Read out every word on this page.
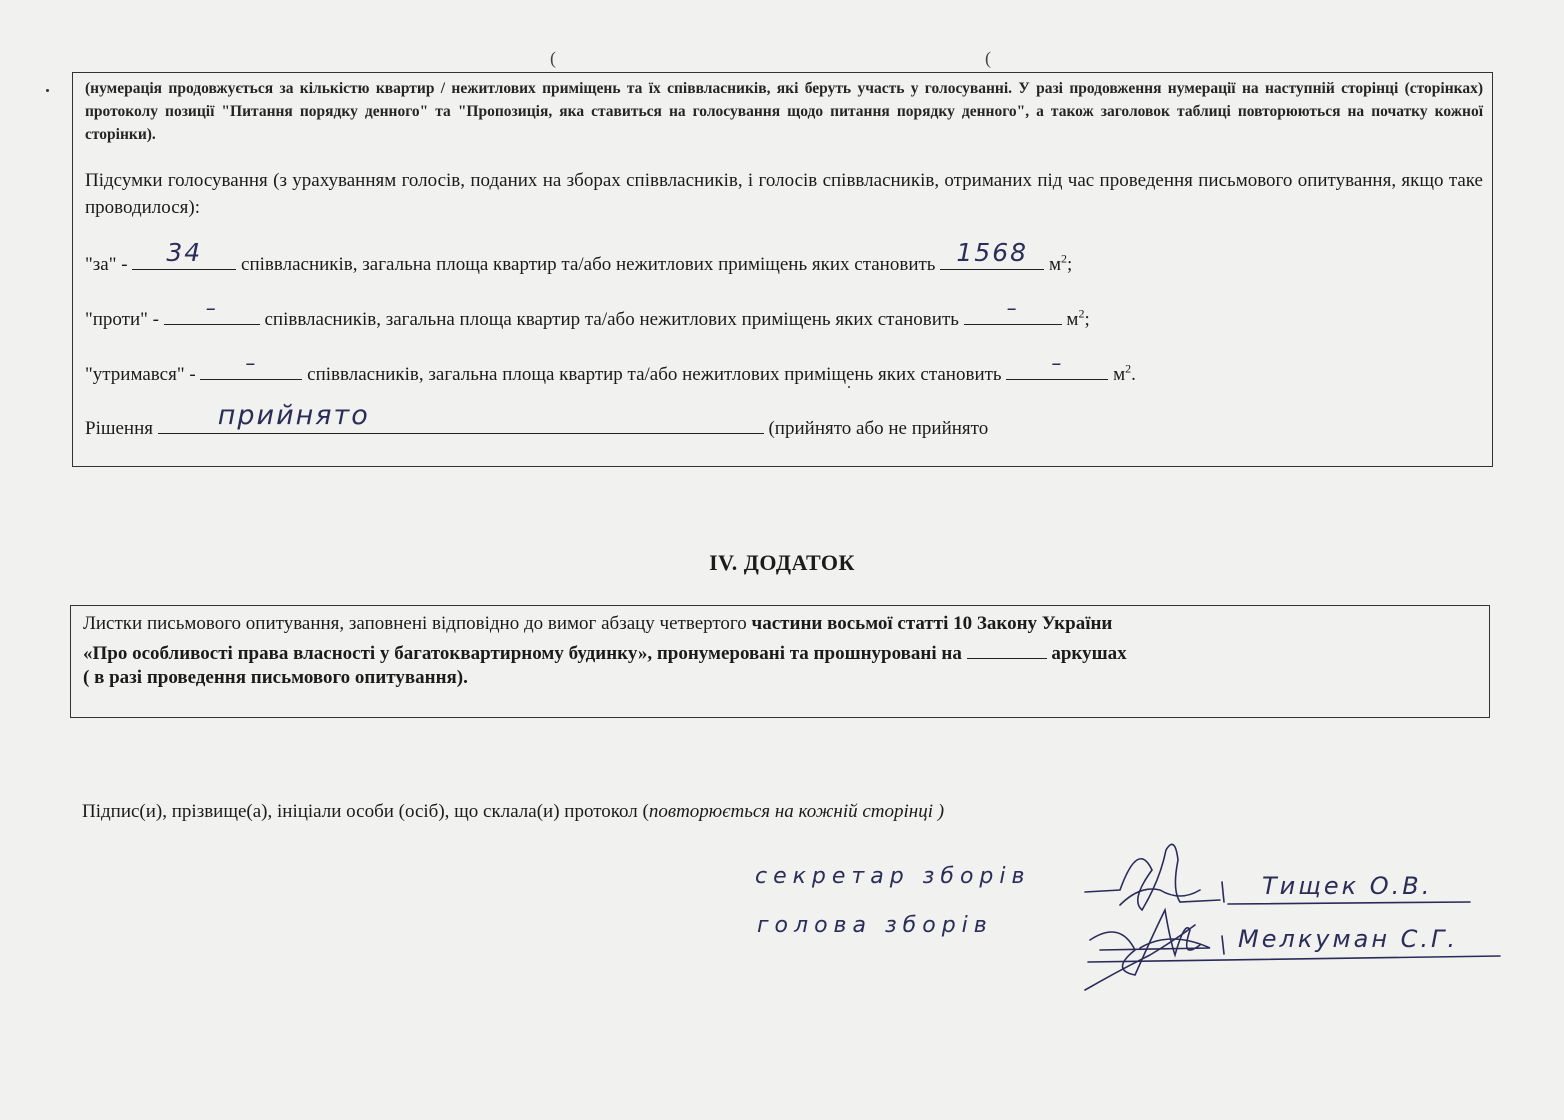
(	(
(нумерація продовжується за кількістю квартир / нежитлових приміщень та їх співвласників, які беруть участь у голосуванні. У разі продовження нумерації на наступній сторінці (сторінках) протоколу позиції "Питання порядку денного" та "Пропозиція, яка ставиться на голосування щодо питання порядку денного", а також заголовок таблиці повторюються на початку кожної сторінки).
Підсумки голосування (з урахуванням голосів, поданих на зборах співвласників, і голосів співвласників, отриманих під час проведення письмового опитування, якщо таке проводилося):
"за" -	34	співвласників, загальна площа квартир та/або нежитлових приміщень яких становить 1568 $м^2$;
"проти" -	–	співвласників, загальна площа квартир та/або нежитлових приміщень яких становить	–	$м^2$;
"утримався" -	–	співвласників, загальна площа квартир та/або нежитлових приміщень яких становить	–	$м^2$.
Рішення прийнято	(прийнято або не прийнято
IV. ДОДАТОК
Листки письмового опитування, заповнені відповідно до вимог абзацу четвертого частини восьмої статті 10 Закону України
«Про особливості права власності у багатоквартирному будинку», пронумеровані та прошнуровані на	аркушах
( в разі проведення письмового опитування).
Підпис(и), прізвище(а), ініціали особи (осіб), що склала(и) протокол (повторюється на кожній сторінці )
секретар зборів	Тищек О.В.
голова зборів	Мелкуман С.Г.
